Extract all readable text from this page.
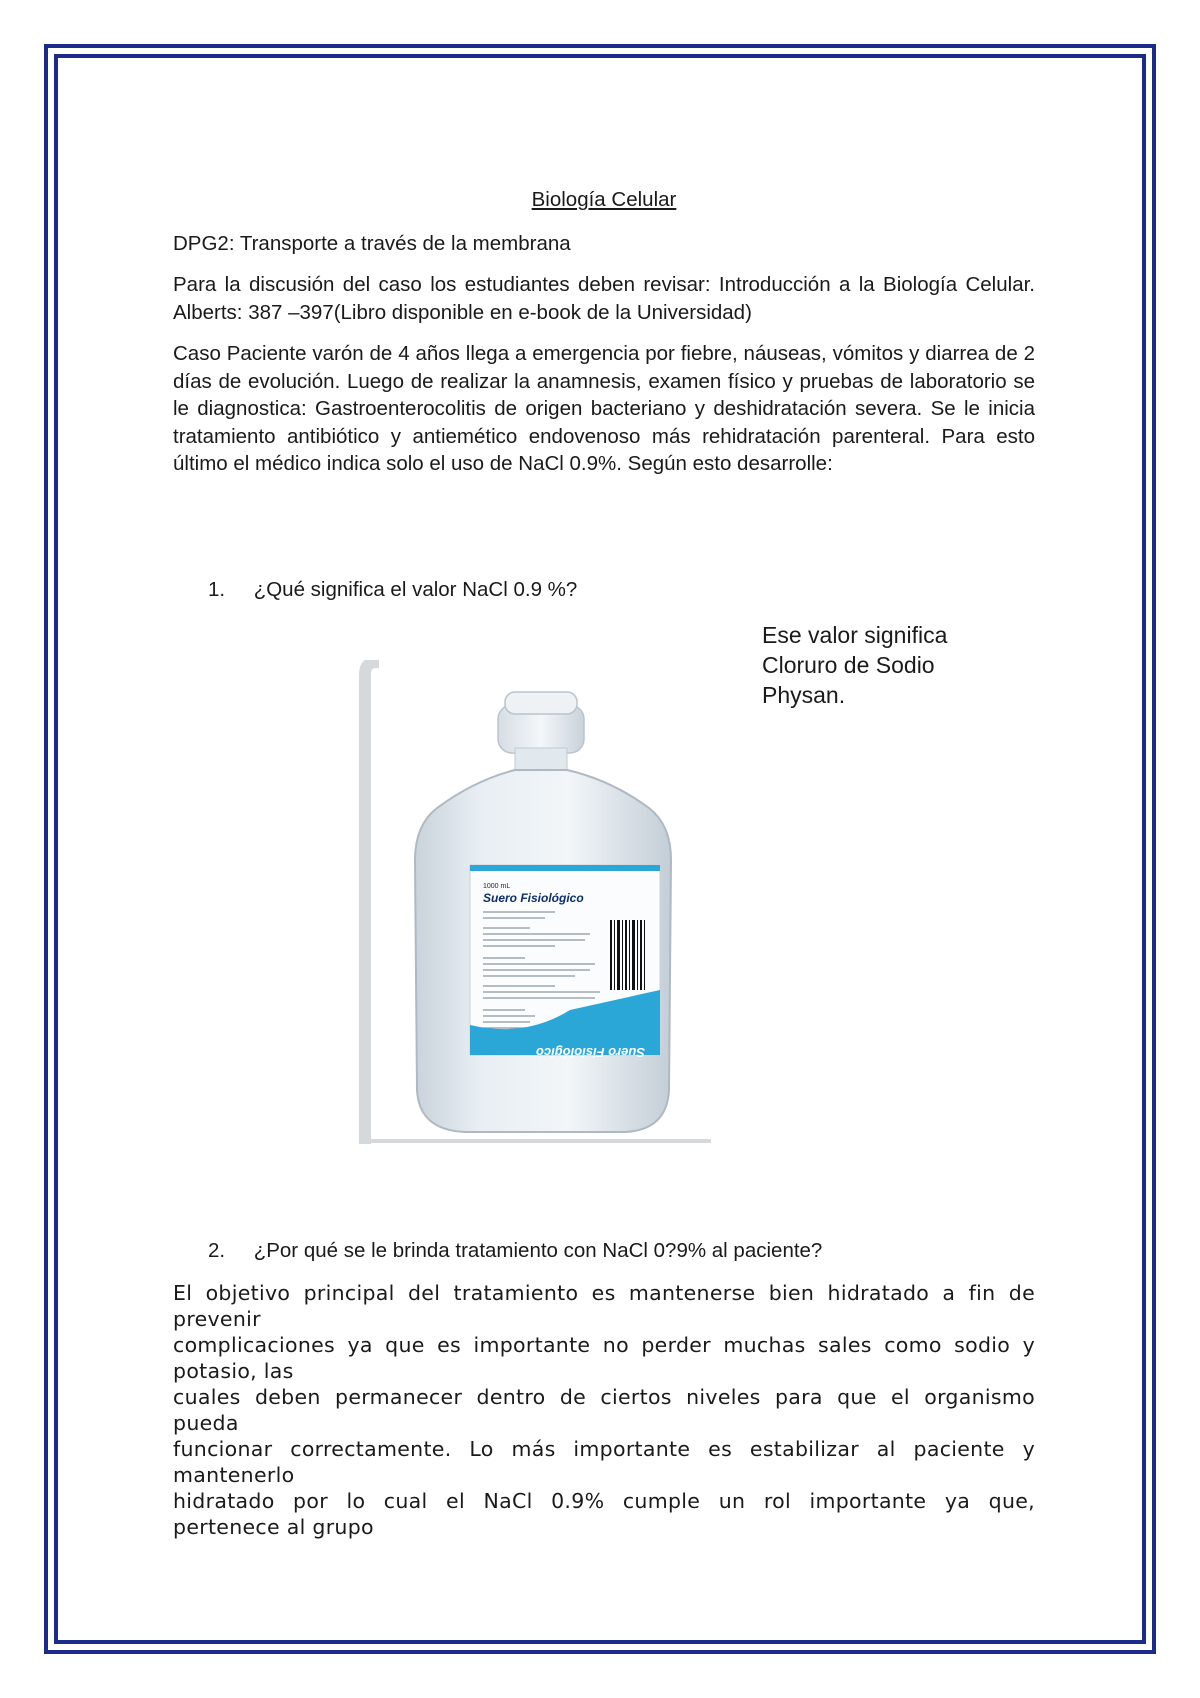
Biología Celular

DPG2: Transporte a través de la membrana

Para la discusión del caso los estudiantes deben revisar: Introducción a la Biología Celular. Alberts: 387 –397(Libro disponible en e-book de la Universidad)

Caso Paciente varón de 4 años llega a emergencia por fiebre, náuseas, vómitos y diarrea de 2 días de evolución. Luego de realizar la anamnesis, examen físico y pruebas de laboratorio se le diagnostica: Gastroenterocolitis de origen bacteriano y deshidratación severa. Se le inicia tratamiento antibiótico y antiemético endovenoso más rehidratación parenteral. Para esto último el médico indica solo el uso de NaCl 0.9%. Según esto desarrolle:

1. ¿Qué significa el valor NaCl 0.9 %?
Ese valor significa
Cloruro de Sodio
Physan.
1000 mL
Suero Fisiológico
Suero Fisiológico
2. ¿Por qué se le brinda tratamiento con NaCl 0?9% al paciente?
El objetivo principal del tratamiento es mantenerse bien hidratado a fin de
prevenir
complicaciones ya que es importante no perder muchas sales como sodio y
potasio, las
cuales deben permanecer dentro de ciertos niveles para que el organismo
pueda
funcionar correctamente. Lo más importante es estabilizar al paciente y
mantenerlo
hidratado por lo cual el NaCl 0.9% cumple un rol importante ya que,
pertenece al grupo
